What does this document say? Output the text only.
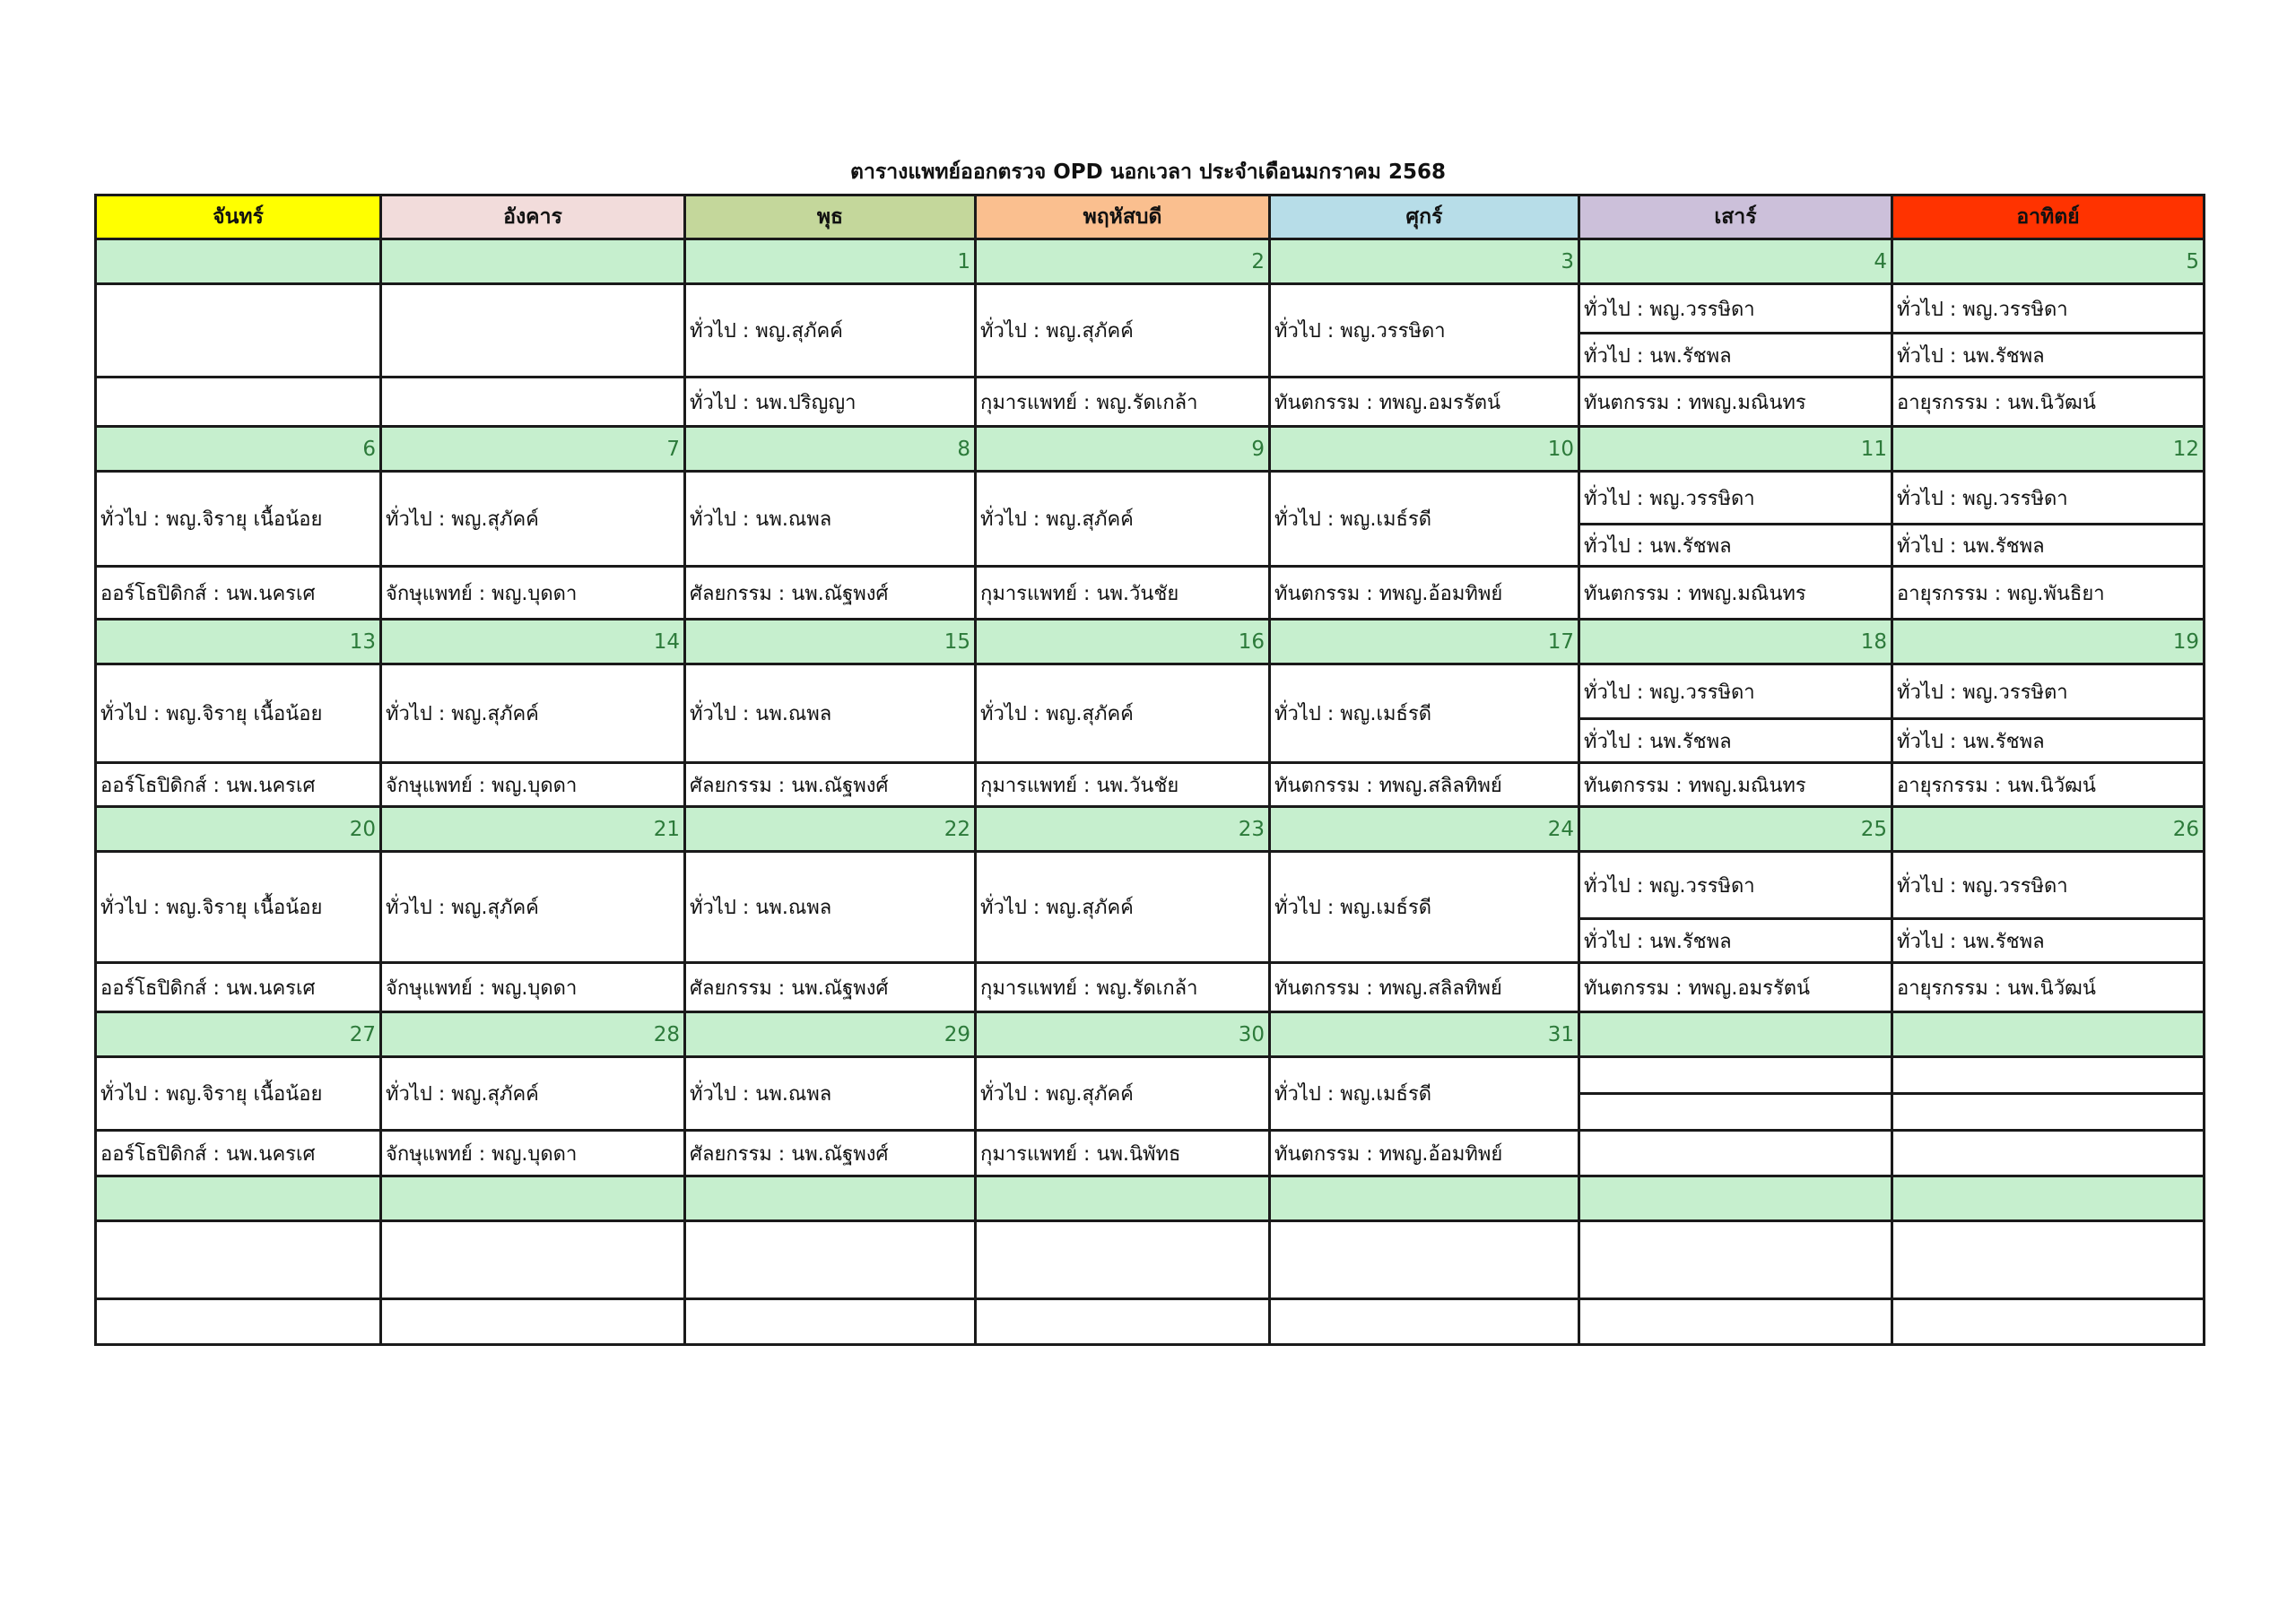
ตารางแพทย์ออกตรวจ OPD นอกเวลา ประจำเดือนมกราคม 2568
จันทร์	อังคาร	พุธ	พฤหัสบดี	ศุกร์	เสาร์	อาทิตย์
		1	2	3	4	5
		ทั่วไป : พญ.สุภัคค์	ทั่วไป : พญ.สุภัคค์	ทั่วไป : พญ.วรรษิดา	ทั่วไป : พญ.วรรษิดา	ทั่วไป : พญ.วรรษิดา
					ทั่วไป : นพ.รัชพล	ทั่วไป : นพ.รัชพล
		ทั่วไป : นพ.ปริญญา	กุมารแพทย์ : พญ.รัดเกล้า	ทันตกรรม : ทพญ.อมรรัตน์	ทันตกรรม : ทพญ.มณินทร	อายุรกรรม : นพ.นิวัฒน์
6	7	8	9	10	11	12
ทั่วไป : พญ.จิรายุ เนื้อน้อย	ทั่วไป : พญ.สุภัคค์	ทั่วไป : นพ.ณพล	ทั่วไป : พญ.สุภัคค์	ทั่วไป : พญ.เมธ์รดี	ทั่วไป : พญ.วรรษิดา	ทั่วไป : พญ.วรรษิดา
					ทั่วไป : นพ.รัชพล	ทั่วไป : นพ.รัชพล
ออร์โธปิดิกส์ : นพ.นครเศ	จักษุแพทย์ : พญ.บุดดา	ศัลยกรรม : นพ.ณัฐพงศ์	กุมารแพทย์ : นพ.วันชัย	ทันตกรรม : ทพญ.อ้อมทิพย์	ทันตกรรม : ทพญ.มณินทร	อายุรกรรม : พญ.พันธิยา
13	14	15	16	17	18	19
ทั่วไป : พญ.จิรายุ เนื้อน้อย	ทั่วไป : พญ.สุภัคค์	ทั่วไป : นพ.ณพล	ทั่วไป : พญ.สุภัคค์	ทั่วไป : พญ.เมธ์รดี	ทั่วไป : พญ.วรรษิดา	ทั่วไป : พญ.วรรษิตา
					ทั่วไป : นพ.รัชพล	ทั่วไป : นพ.รัชพล
ออร์โธปิดิกส์ : นพ.นครเศ	จักษุแพทย์ : พญ.บุดดา	ศัลยกรรม : นพ.ณัฐพงศ์	กุมารแพทย์ : นพ.วันชัย	ทันตกรรม : ทพญ.สลิลทิพย์	ทันตกรรม : ทพญ.มณินทร	อายุรกรรม : นพ.นิวัฒน์
20	21	22	23	24	25	26
ทั่วไป : พญ.จิรายุ เนื้อน้อย	ทั่วไป : พญ.สุภัคค์	ทั่วไป : นพ.ณพล	ทั่วไป : พญ.สุภัคค์	ทั่วไป : พญ.เมธ์รดี	ทั่วไป : พญ.วรรษิดา	ทั่วไป : พญ.วรรษิดา
					ทั่วไป : นพ.รัชพล	ทั่วไป : นพ.รัชพล
ออร์โธปิดิกส์ : นพ.นครเศ	จักษุแพทย์ : พญ.บุดดา	ศัลยกรรม : นพ.ณัฐพงศ์	กุมารแพทย์ : พญ.รัดเกล้า	ทันตกรรม : ทพญ.สลิลทิพย์	ทันตกรรม : ทพญ.อมรรัตน์	อายุรกรรม : นพ.นิวัฒน์
27	28	29	30	31		
ทั่วไป : พญ.จิรายุ เนื้อน้อย	ทั่วไป : พญ.สุภัคค์	ทั่วไป : นพ.ณพล	ทั่วไป : พญ.สุภัคค์	ทั่วไป : พญ.เมธ์รดี		

ออร์โธปิดิกส์ : นพ.นครเศ	จักษุแพทย์ : พญ.บุดดา	ศัลยกรรม : นพ.ณัฐพงศ์	กุมารแพทย์ : นพ.นิพัทธ	ทันตกรรม : ทพญ.อ้อมทิพย์		
